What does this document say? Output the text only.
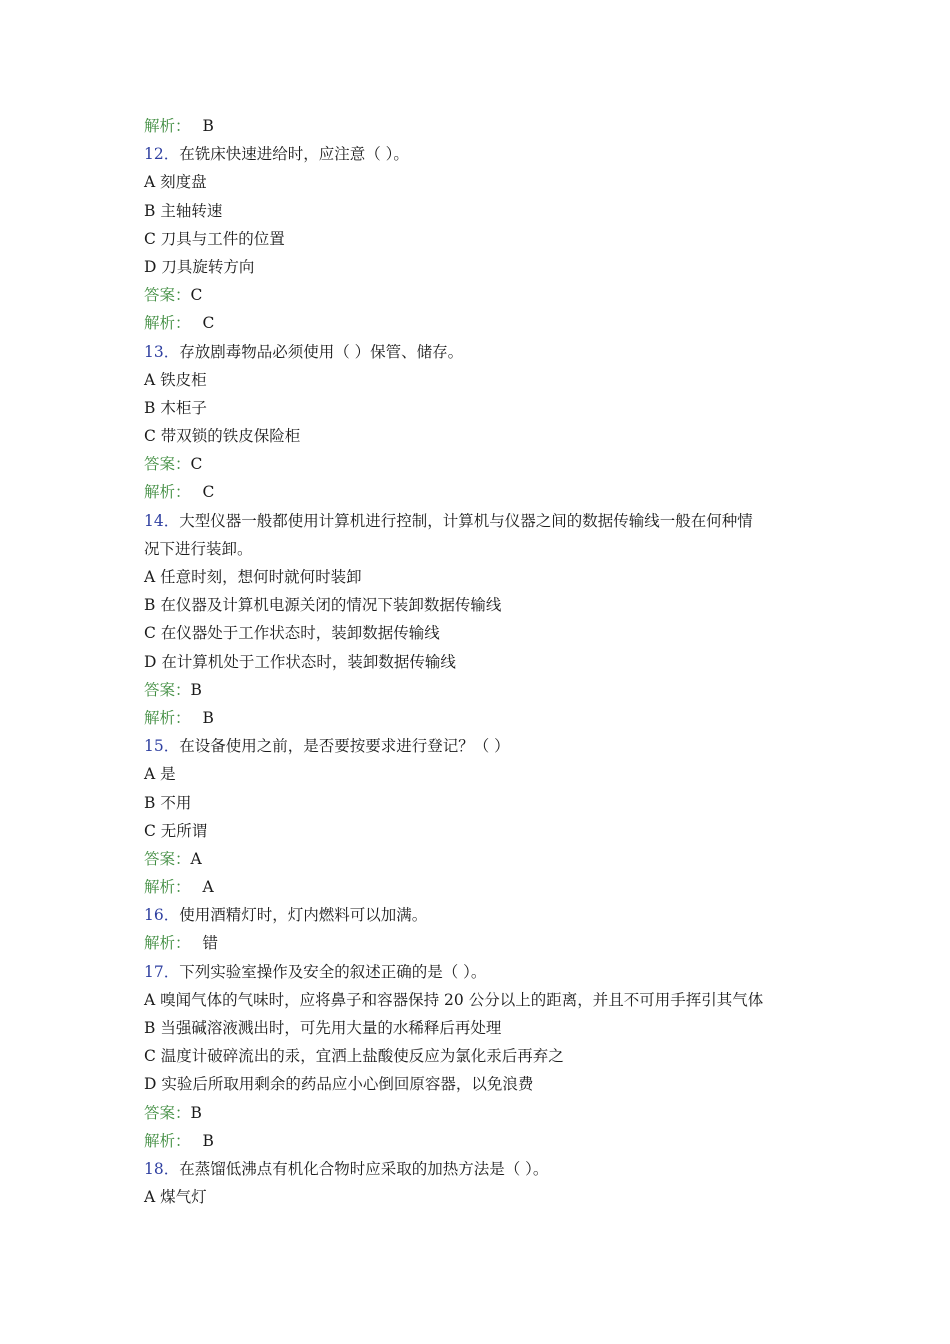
解析： B
12．在铣床快速进给时，应注意（ ）。
A 刻度盘
B 主轴转速
C 刀具与工件的位置
D 刀具旋转方向
答案：C
解析： C
13．存放剧毒物品必须使用（ ）保管、储存。
A 铁皮柜
B 木柜子
C 带双锁的铁皮保险柜
答案：C
解析： C
14．大型仪器一般都使用计算机进行控制，计算机与仪器之间的数据传输线一般在何种情
况下进行装卸。
A 任意时刻，想何时就何时装卸
B 在仪器及计算机电源关闭的情况下装卸数据传输线
C 在仪器处于工作状态时，装卸数据传输线
D 在计算机处于工作状态时，装卸数据传输线
答案：B
解析： B
15．在设备使用之前，是否要按要求进行登记？（ ）
A 是
B 不用
C 无所谓
答案：A
解析： A
16．使用酒精灯时，灯内燃料可以加满。
解析： 错
17．下列实验室操作及安全的叙述正确的是（ ）。
A 嗅闻气体的气味时，应将鼻子和容器保持 20 公分以上的距离，并且不可用手挥引其气体
B 当强碱溶液溅出时，可先用大量的水稀释后再处理
C 温度计破碎流出的汞，宜洒上盐酸使反应为氯化汞后再弃之
D 实验后所取用剩余的药品应小心倒回原容器，以免浪费
答案：B
解析： B
18．在蒸馏低沸点有机化合物时应采取的加热方法是（ ）。
A 煤气灯
